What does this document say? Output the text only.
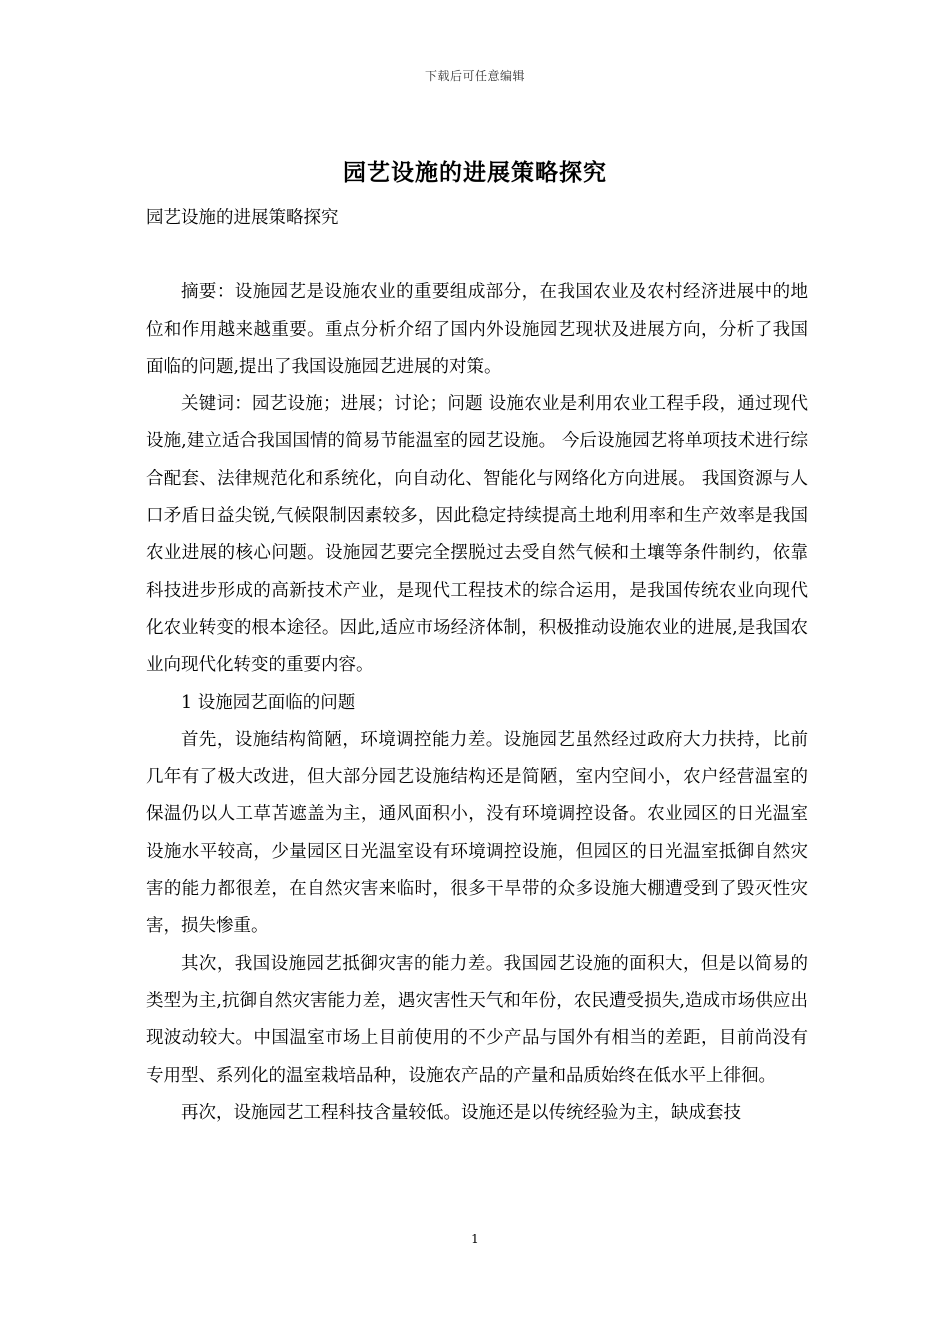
下载后可任意编辑
园艺设施的进展策略探究

园艺设施的进展策略探究

摘要：设施园艺是设施农业的重要组成部分，在我国农业及农村经济进展中的地位和作用越来越重要。重点分析介绍了国内外设施园艺现状及进展方向，分析了我国面临的问题,提出了我国设施园艺进展的对策。

关键词：园艺设施；进展；讨论；问题 设施农业是利用农业工程手段，通过现代设施,建立适合我国国情的简易节能温室的园艺设施。 今后设施园艺将单项技术进行综合配套、法律规范化和系统化，向自动化、智能化与网络化方向进展。 我国资源与人口矛盾日益尖锐,气候限制因素较多，因此稳定持续提高土地利用率和生产效率是我国农业进展的核心问题。设施园艺要完全摆脱过去受自然气候和土壤等条件制约，依靠科技进步形成的高新技术产业，是现代工程技术的综合运用，是我国传统农业向现代化农业转变的根本途径。因此,适应市场经济体制，积极推动设施农业的进展,是我国农业向现代化转变的重要内容。

1 设施园艺面临的问题

首先，设施结构简陋，环境调控能力差。设施园艺虽然经过政府大力扶持，比前几年有了极大改进，但大部分园艺设施结构还是简陋，室内空间小，农户经营温室的保温仍以人工草苫遮盖为主，通风面积小，没有环境调控设备。农业园区的日光温室设施水平较高，少量园区日光温室设有环境调控设施，但园区的日光温室抵御自然灾害的能力都很差，在自然灾害来临时，很多干旱带的众多设施大棚遭受到了毁灭性灾害，损失惨重。

其次，我国设施园艺抵御灾害的能力差。我国园艺设施的面积大，但是以简易的类型为主,抗御自然灾害能力差，遇灾害性天气和年份，农民遭受损失,造成市场供应出现波动较大。中国温室市场上目前使用的不少产品与国外有相当的差距，目前尚没有专用型、系列化的温室栽培品种，设施农产品的产量和品质始终在低水平上徘徊。

再次，设施园艺工程科技含量较低。设施还是以传统经验为主，缺成套技

1
